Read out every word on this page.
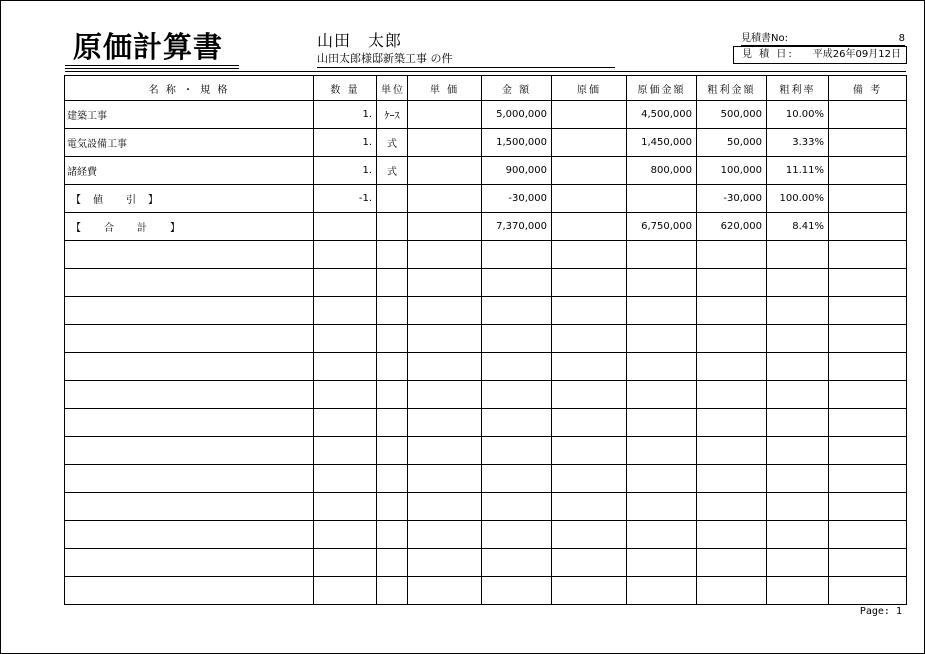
原価計算書	山田　太郎
山田太郎様邸新築工事 の件
見積書No:	8
見 積 日: 平成26年09月12日
名 称 ・ 規 格	数 量	単位	単 価	金 額	原価	原価金額	粗利金額	粗利率	備 考
建築工事	1.	ｹｰｽ		5,000,000		4,500,000	500,000	10.00%	
電気設備工事	1.	式		1,500,000		1,450,000	50,000	3.33%	
諸経費	1.	式		900,000		800,000	100,000	11.11%	
【　値　　引　】	-1.			-30,000			-30,000	100.00%	
【　　合　　計　　】				7,370,000		6,750,000	620,000	8.41%	

Page: 1
